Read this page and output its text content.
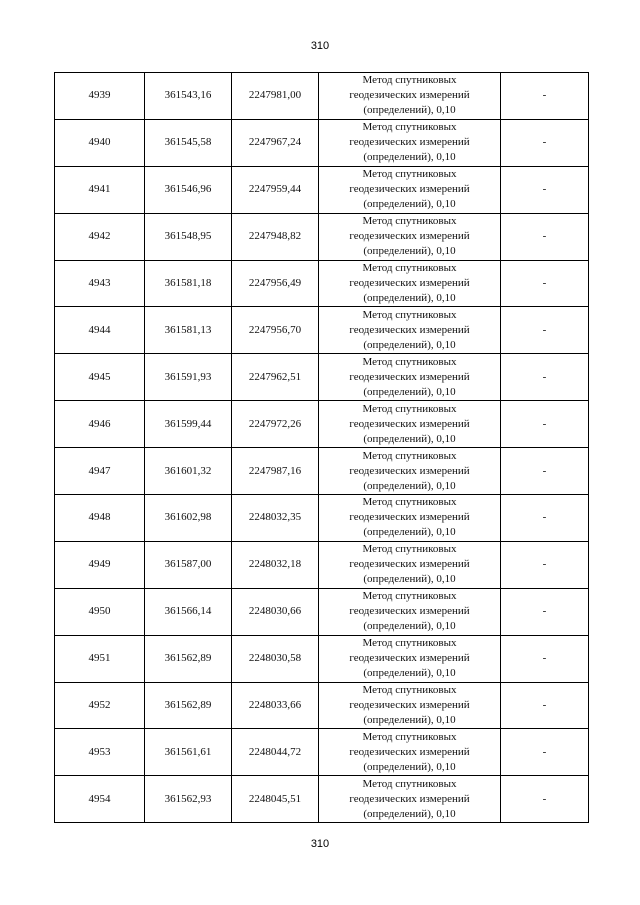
310
4939	361543,16	2247981,00	Метод спутниковых
геодезических измерений
(определений), 0,10	-
4940	361545,58	2247967,24	Метод спутниковых
геодезических измерений
(определений), 0,10	-
4941	361546,96	2247959,44	Метод спутниковых
геодезических измерений
(определений), 0,10	-
4942	361548,95	2247948,82	Метод спутниковых
геодезических измерений
(определений), 0,10	-
4943	361581,18	2247956,49	Метод спутниковых
геодезических измерений
(определений), 0,10	-
4944	361581,13	2247956,70	Метод спутниковых
геодезических измерений
(определений), 0,10	-
4945	361591,93	2247962,51	Метод спутниковых
геодезических измерений
(определений), 0,10	-
4946	361599,44	2247972,26	Метод спутниковых
геодезических измерений
(определений), 0,10	-
4947	361601,32	2247987,16	Метод спутниковых
геодезических измерений
(определений), 0,10	-
4948	361602,98	2248032,35	Метод спутниковых
геодезических измерений
(определений), 0,10	-
4949	361587,00	2248032,18	Метод спутниковых
геодезических измерений
(определений), 0,10	-
4950	361566,14	2248030,66	Метод спутниковых
геодезических измерений
(определений), 0,10	-
4951	361562,89	2248030,58	Метод спутниковых
геодезических измерений
(определений), 0,10	-
4952	361562,89	2248033,66	Метод спутниковых
геодезических измерений
(определений), 0,10	-
4953	361561,61	2248044,72	Метод спутниковых
геодезических измерений
(определений), 0,10	-
4954	361562,93	2248045,51	Метод спутниковых
геодезических измерений
(определений), 0,10	-
310
